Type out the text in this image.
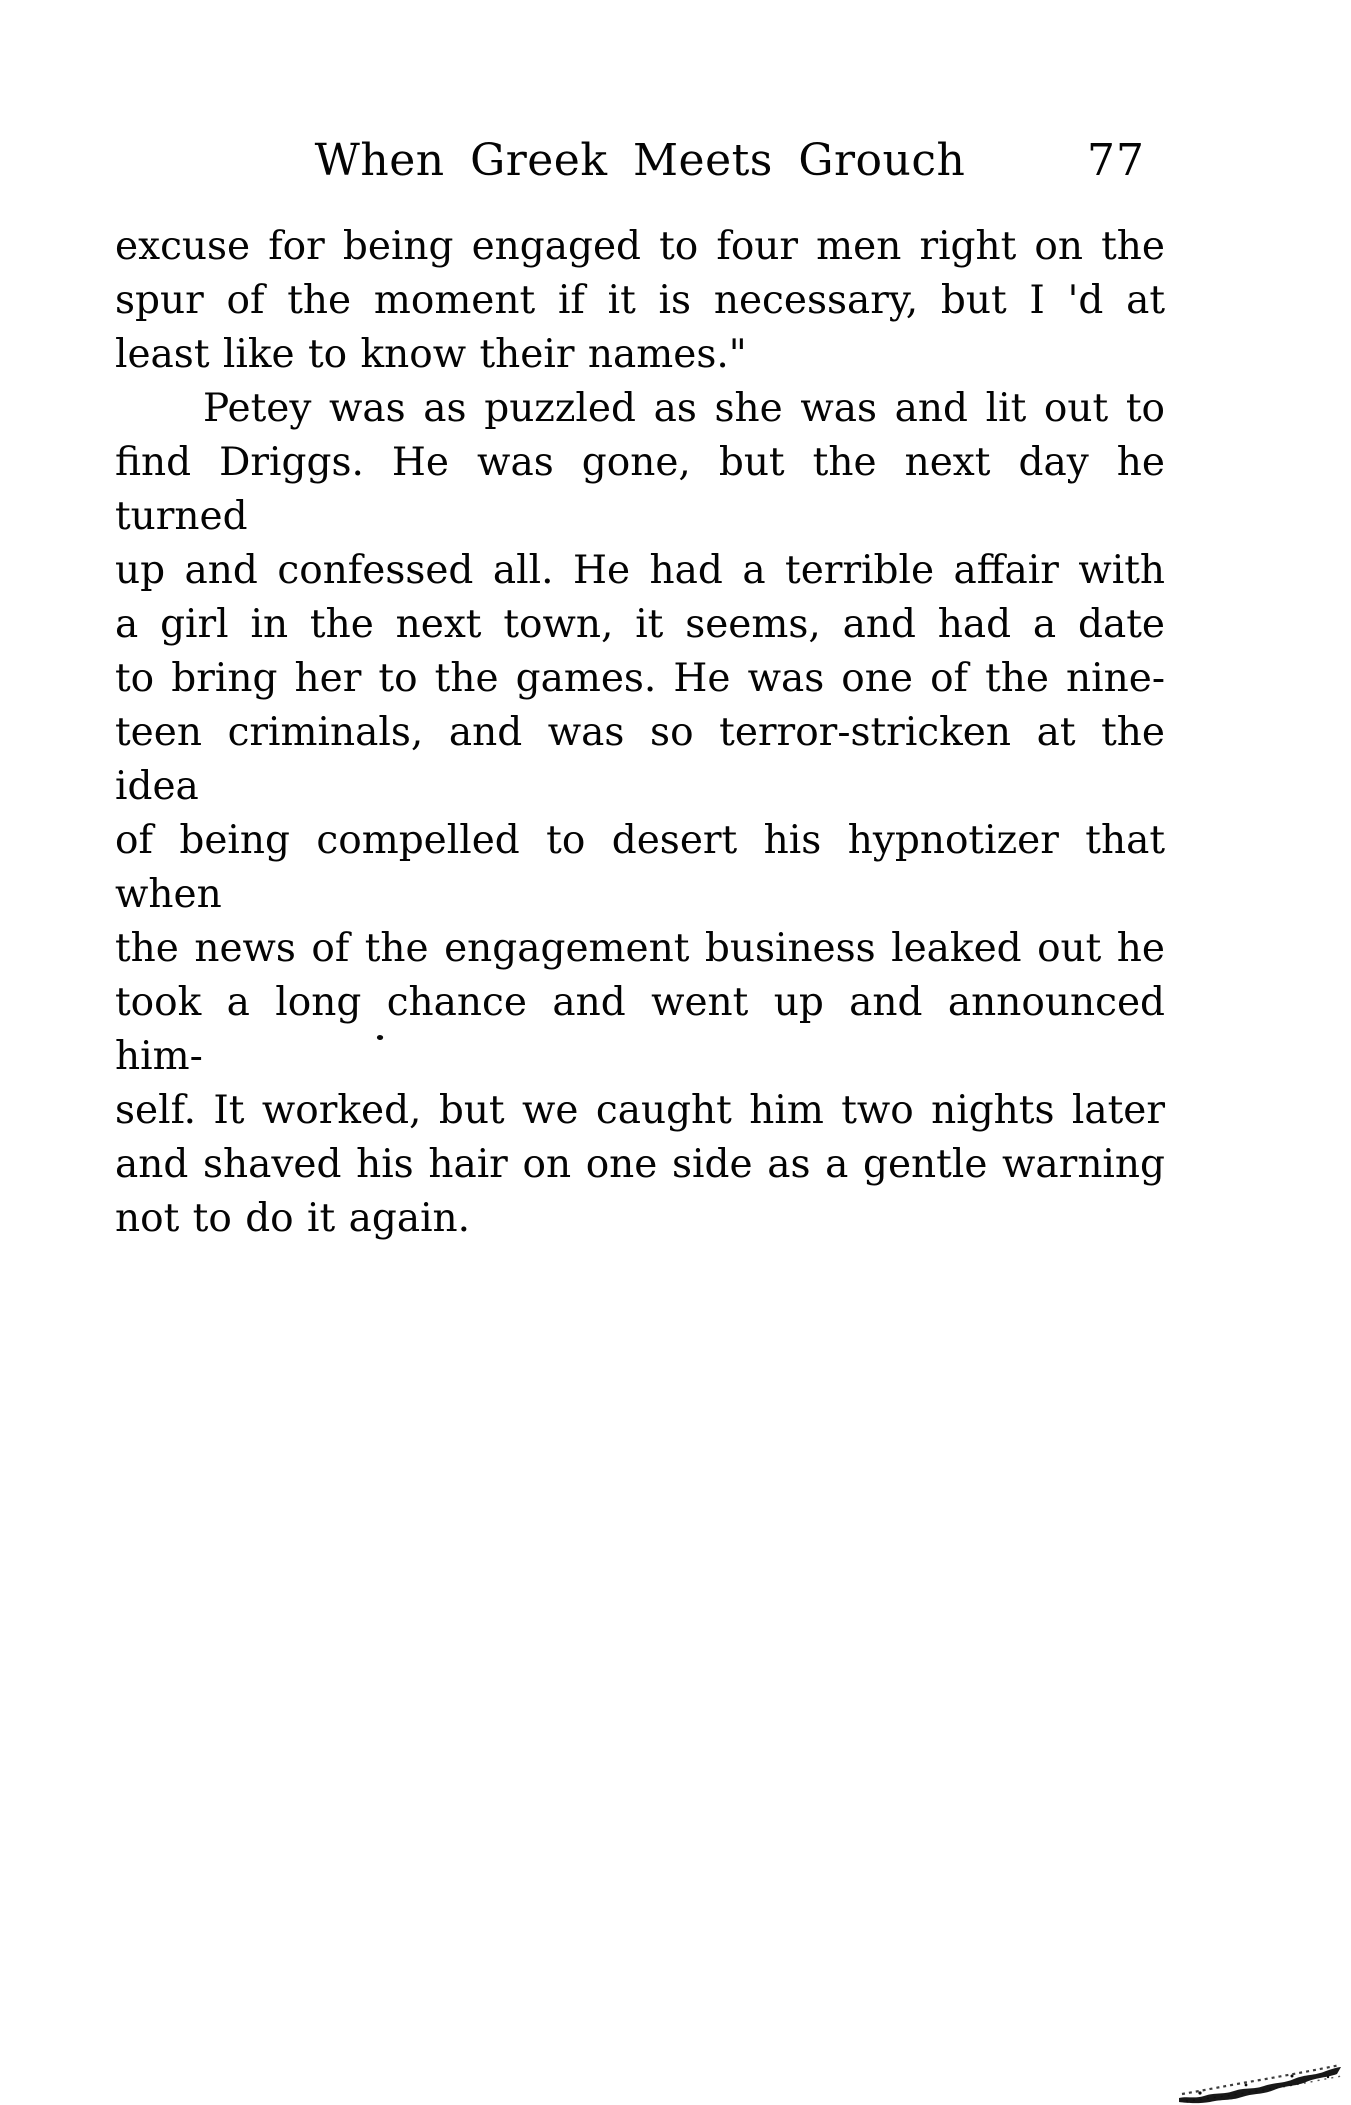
When Greek Meets Grouch	77
excuse for being engaged to four men right on the
spur of the moment if it is necessary, but I 'd at
least like to know their names."
Petey was as puzzled as she was and lit out to
find Driggs. He was gone, but the next day he turned
up and confessed all. He had a terrible affair with
a girl in the next town, it seems, and had a date
to bring her to the games. He was one of the nine-
teen criminals, and was so terror-stricken at the idea
of being compelled to desert his hypnotizer that when
the news of the engagement business leaked out he
took a long chance and went up and announced him-
self. It worked, but we caught him two nights later
and shaved his hair on one side as a gentle warning
not to do it again.
